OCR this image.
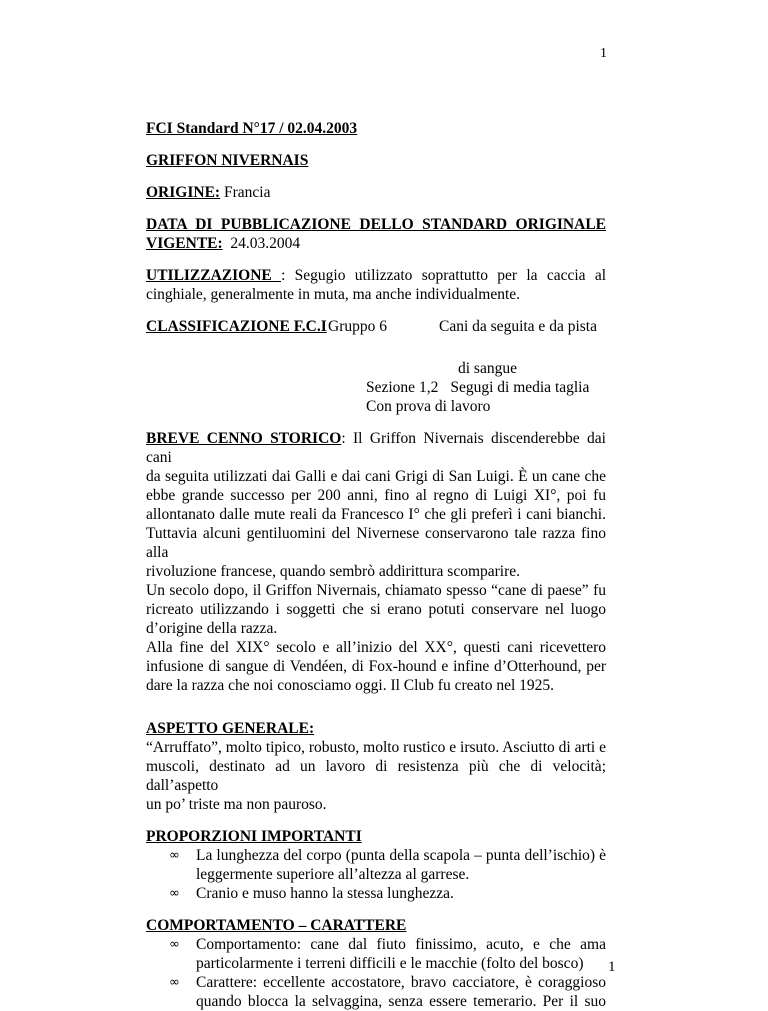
1
FCI Standard N°17 / 02.04.2003
GRIFFON NIVERNAIS
ORIGINE: Francia
DATA DI PUBBLICAZIONE DELLO STANDARD ORIGINALE
VIGENTE: 24.03.2004
UTILIZZAZIONE : Segugio utilizzato soprattutto per la caccia al
cinghiale, generalmente in muta, ma anche individualmente.
CLASSIFICAZIONE F.C.I Gruppo 6	Cani da seguita e da pista
di sangue
Sezione 1,2 Segugi di media taglia
Con prova di lavoro
BREVE CENNO STORICO: Il Griffon Nivernais discenderebbe dai cani
da seguita utilizzati dai Galli e dai cani Grigi di San Luigi. È un cane che
ebbe grande successo per 200 anni, fino al regno di Luigi XI°, poi fu
allontanato dalle mute reali da Francesco I° che gli preferì i cani bianchi.
Tuttavia alcuni gentiluomini del Nivernese conservarono tale razza fino alla
rivoluzione francese, quando sembrò addirittura scomparire.
Un secolo dopo, il Griffon Nivernais, chiamato spesso “cane di paese” fu
ricreato utilizzando i soggetti che si erano potuti conservare nel luogo
d’origine della razza.
Alla fine del XIX° secolo e all’inizio del XX°, questi cani ricevettero
infusione di sangue di Vendéen, di Fox-hound e infine d’Otterhound, per
dare la razza che noi conosciamo oggi. Il Club fu creato nel 1925.
ASPETTO GENERALE:
“Arruffato”, molto tipico, robusto, molto rustico e irsuto. Asciutto di arti e
muscoli, destinato ad un lavoro di resistenza più che di velocità; dall’aspetto
un po’ triste ma non pauroso.
PROPORZIONI IMPORTANTI
∞ La lunghezza del corpo (punta della scapola – punta dell’ischio) è
leggermente superiore all’altezza al garrese.
∞ Cranio e muso hanno la stessa lunghezza.
COMPORTAMENTO – CARATTERE
∞ Comportamento: cane dal fiuto finissimo, acuto, e che ama
particolarmente i terreni difficili e le macchie (folto del bosco)
∞ Carattere: eccellente accostatore, bravo cacciatore, è coraggioso
quando blocca la selvaggina, senza essere temerario. Per il suo
1
